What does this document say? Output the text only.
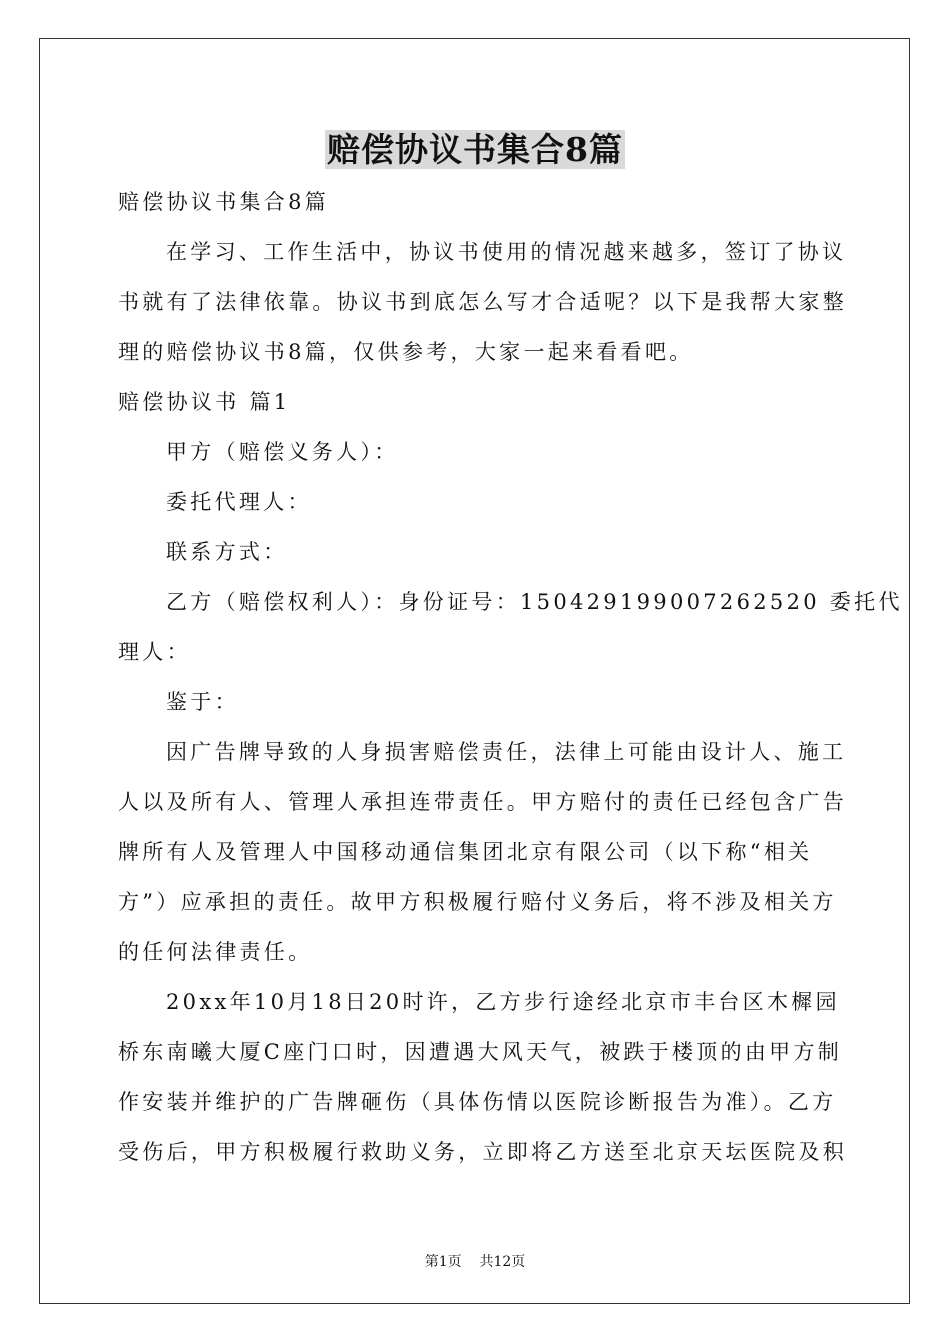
赔偿协议书集合8篇
赔偿协议书集合8篇
在学习、工作生活中，协议书使用的情况越来越多，签订了协议
书就有了法律依靠。协议书到底怎么写才合适呢？以下是我帮大家整
理的赔偿协议书8篇，仅供参考，大家一起来看看吧。
赔偿协议书 篇1
甲方（赔偿义务人）：
委托代理人：
联系方式：
乙方（赔偿权利人）：身份证号：150429199007262520 委托代
理人：
鉴于：
因广告牌导致的人身损害赔偿责任，法律上可能由设计人、施工
人以及所有人、管理人承担连带责任。甲方赔付的责任已经包含广告
牌所有人及管理人中国移动通信集团北京有限公司（以下称“相关
方”）应承担的责任。故甲方积极履行赔付义务后，将不涉及相关方
的任何法律责任。
20xx年10月18日20时许，乙方步行途经北京市丰台区木樨园
桥东南曦大厦C座门口时，因遭遇大风天气，被跌于楼顶的由甲方制
作安装并维护的广告牌砸伤（具体伤情以医院诊断报告为准）。乙方
受伤后，甲方积极履行救助义务，立即将乙方送至北京天坛医院及积
第1页    共12页
